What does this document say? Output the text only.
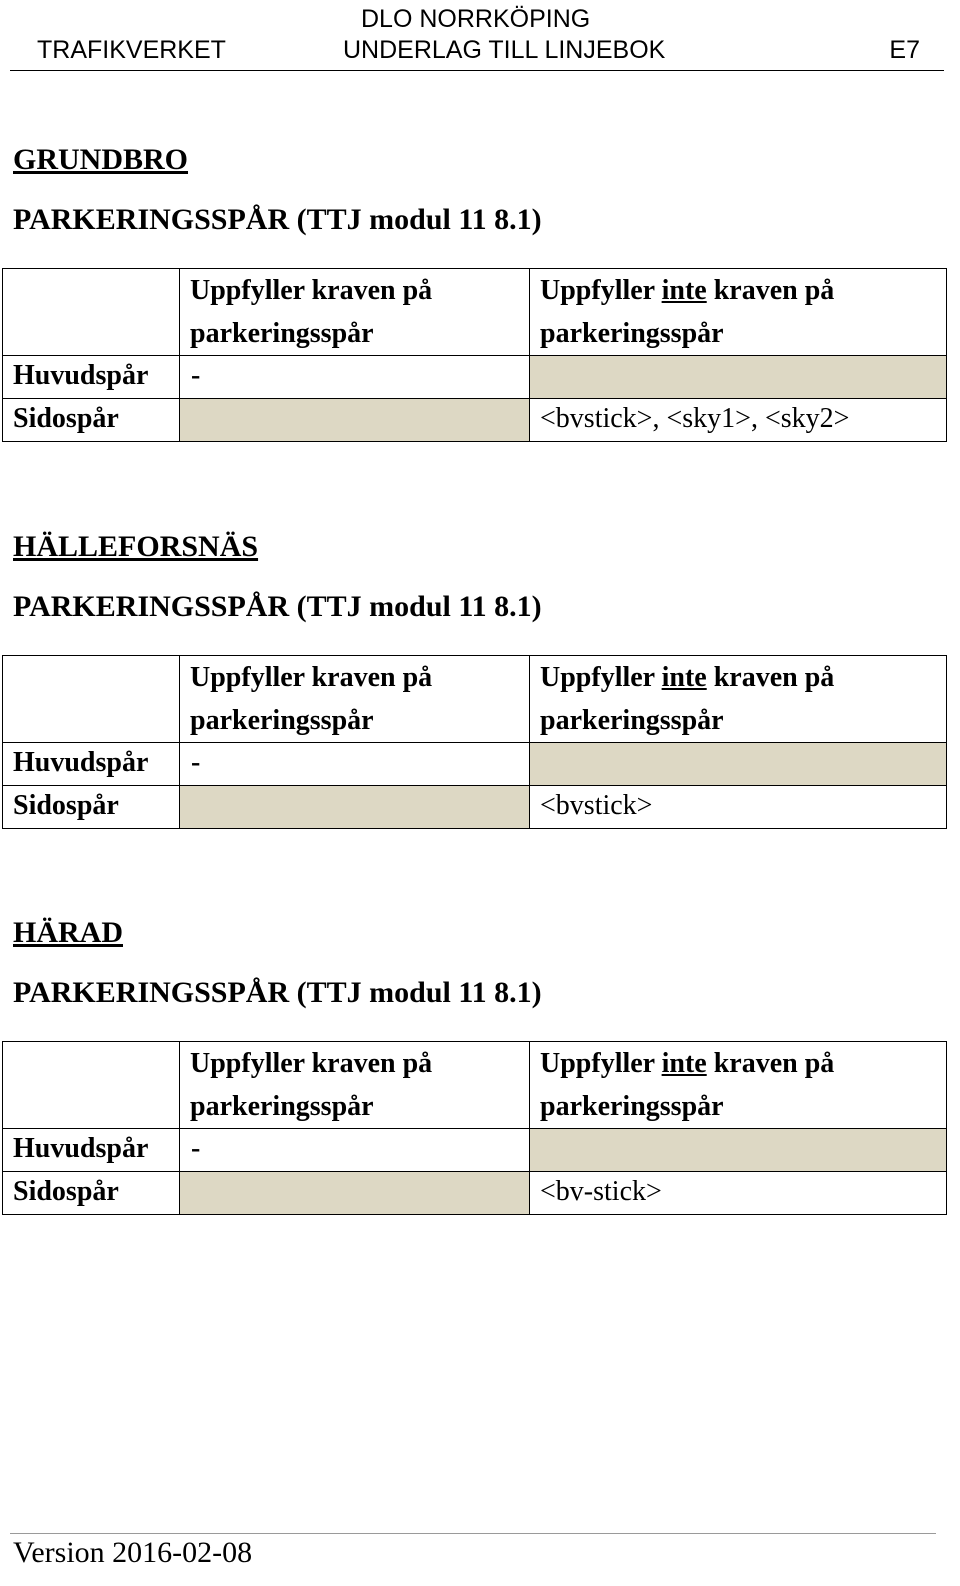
TRAFIKVERKET
DLO NORRKÖPING
UNDERLAG TILL LINJEBOK	E7
GRUNDBRO
PARKERINGSSPÅR (TTJ modul 11 8.1)
	Uppfyller kraven på
parkeringsspår	Uppfyller inte kraven på
parkeringsspår
Huvudspår	-	
Sidospår		<bvstick>, <sky1>, <sky2>
HÄLLEFORSNÄS
PARKERINGSSPÅR (TTJ modul 11 8.1)
	Uppfyller kraven på
parkeringsspår	Uppfyller inte kraven på
parkeringsspår
Huvudspår	-	
Sidospår		<bvstick>
HÄRAD
PARKERINGSSPÅR (TTJ modul 11 8.1)
	Uppfyller kraven på
parkeringsspår	Uppfyller inte kraven på
parkeringsspår
Huvudspår	-	
Sidospår		<bv-stick>
Version 2016-02-08
